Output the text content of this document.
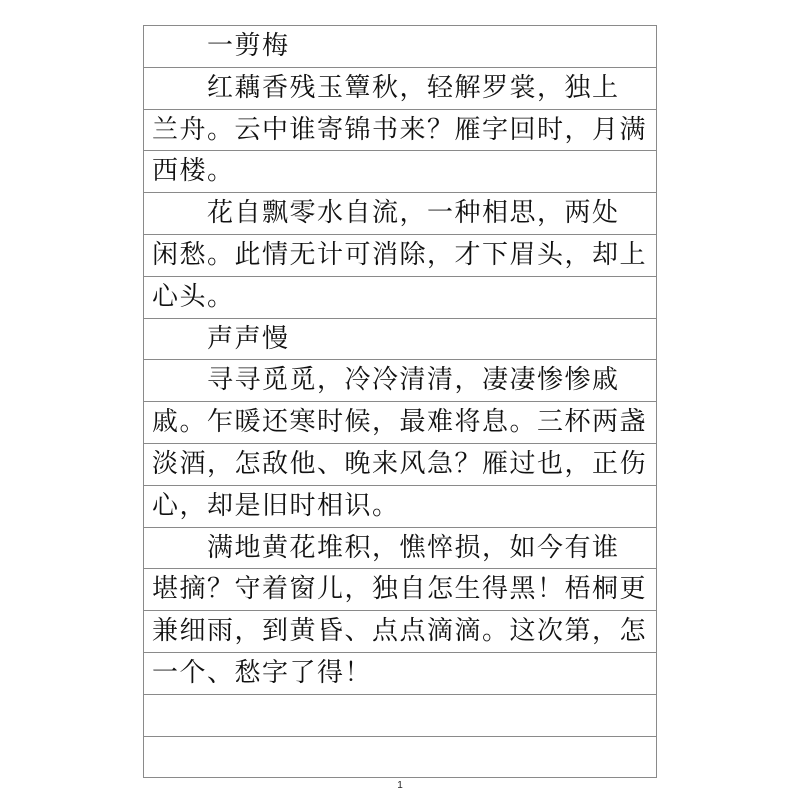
一剪梅
红藕香残玉簟秋，轻解罗裳，独上
兰舟。云中谁寄锦书来？雁字回时，月满
西楼。
花自飘零水自流，一种相思，两处
闲愁。此情无计可消除，才下眉头，却上
心头。
声声慢
寻寻觅觅，冷冷清清，凄凄惨惨戚
戚。乍暖还寒时候，最难将息。三杯两盏
淡酒，怎敌他、晚来风急？雁过也，正伤
心，却是旧时相识。
满地黄花堆积，憔悴损，如今有谁
堪摘？守着窗儿，独自怎生得黑！梧桐更
兼细雨，到黄昏、点点滴滴。这次第，怎
一个、愁字了得！
1
